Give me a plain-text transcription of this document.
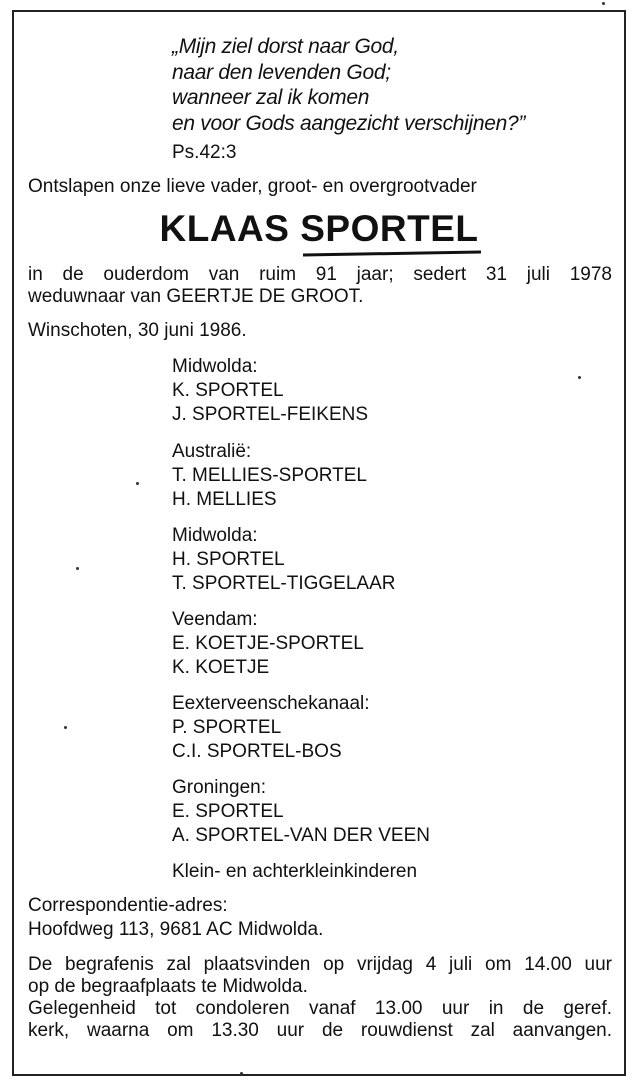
„Mijn ziel dorst naar God,
naar den levenden God;
wanneer zal ik komen
en voor Gods aangezicht verschijnen?”
Ps.42:3
Ontslapen onze lieve vader, groot- en overgrootvader
KLAAS SPORTEL
in de ouderdom van ruim 91 jaar; sedert 31 juli 1978
weduwnaar van GEERTJE DE GROOT.
Winschoten, 30 juni 1986.
Midwolda:
K. SPORTEL
J. SPORTEL-FEIKENS
Australië:
T. MELLIES-SPORTEL
H. MELLIES
Midwolda:
H. SPORTEL
T. SPORTEL-TIGGELAAR
Veendam:
E. KOETJE-SPORTEL
K. KOETJE
Eexterveenschekanaal:
P. SPORTEL
C.I. SPORTEL-BOS
Groningen:
E. SPORTEL
A. SPORTEL-VAN DER VEEN
Klein- en achterkleinkinderen
Correspondentie-adres:
Hoofdweg 113, 9681 AC Midwolda.
De begrafenis zal plaatsvinden op vrijdag 4 juli om 14.00 uur
op de begraafplaats te Midwolda.
Gelegenheid tot condoleren vanaf 13.00 uur in de geref.
kerk, waarna om 13.30 uur de rouwdienst zal aanvangen.
